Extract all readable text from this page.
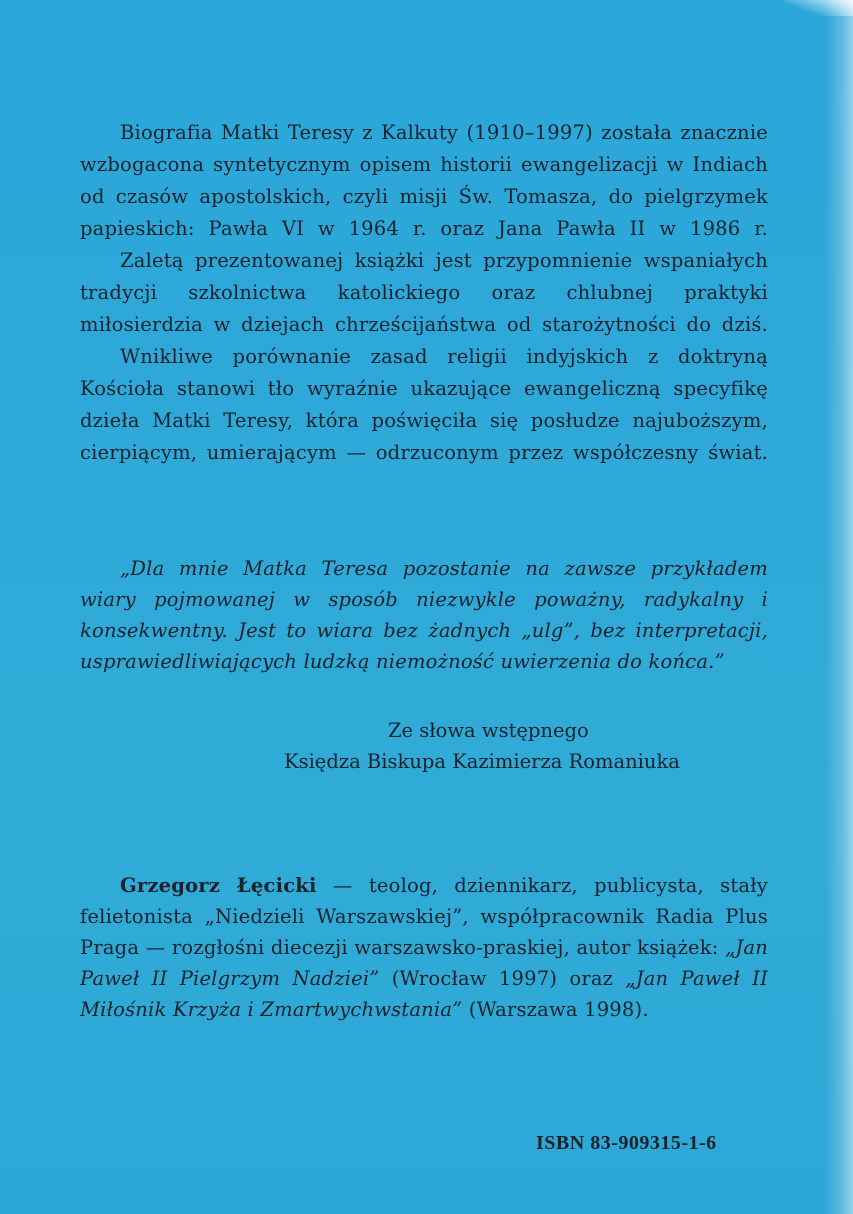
Biografia Matki Teresy z Kalkuty (1910–1997) została znacznie wzbogacona syntetycznym opisem historii ewangelizacji w Indiach od czasów apostolskich, czyli misji Św. Tomasza, do pielgrzymek papieskich: Pawła VI w 1964 r. oraz Jana Pawła II w 1986 r.

Zaletą prezentowanej książki jest przypomnienie wspaniałych tradycji szkolnictwa katolickiego oraz chlubnej praktyki miłosierdzia w dziejach chrześcijaństwa od starożytności do dziś.

Wnikliwe porównanie zasad religii indyjskich z doktryną Kościoła stanowi tło wyraźnie ukazujące ewangeliczną specyfikę dzieła Matki Teresy, która poświęciła się posłudze najuboższym, cierpiącym, umierającym — odrzuconym przez współczesny świat.

„Dla mnie Matka Teresa pozostanie na zawsze przykładem wiary pojmowanej w sposób niezwykle poważny, radykalny i konsekwentny. Jest to wiara bez żadnych „ulg”, bez interpretacji, usprawiedliwiających ludzką niemożność uwierzenia do końca.”

Ze słowa wstępnego
Księdza Biskupa Kazimierza Romaniuka

Grzegorz Łęcicki — teolog, dziennikarz, publicysta, stały felietonista „Niedzieli Warszawskiej”, współpracownik Radia Plus Praga — rozgłośni diecezji warszawsko-praskiej, autor książek: „Jan Paweł II Pielgrzym Nadziei” (Wrocław 1997) oraz „Jan Paweł II Miłośnik Krzyża i Zmartwychwstania” (Warszawa 1998).

ISBN 83-909315-1-6
